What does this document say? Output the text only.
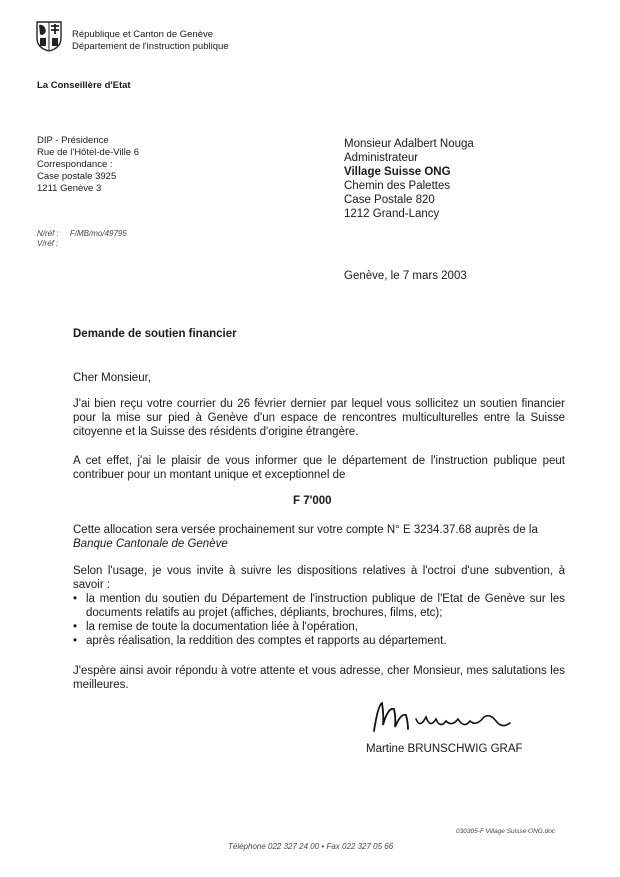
République et Canton de Genève
Département de l'instruction publique
La Conseillère d'Etat
DIP - Présidence
Rue de l'Hôtel-de-Ville 6
Correspondance :
Case postale 3925
1211 Genève 3
N/réf : F/MB/mo/49795
V/réf :
Monsieur Adalbert Nouga
Administrateur
Village Suisse ONG
Chemin des Palettes
Case Postale 820
1212 Grand-Lancy
Genève, le 7 mars 2003
Demande de soutien financier
Cher Monsieur,
J'ai bien reçu votre courrier du 26 février dernier par lequel vous sollicitez un soutien financier pour la mise sur pied à Genève d'un espace de rencontres multiculturelles entre la Suisse citoyenne et la Suisse des résidents d'origine étrangère.
A cet effet, j'ai le plaisir de vous informer que le département de l'instruction publique peut contribuer pour un montant unique et exceptionnel de
F 7'000
Cette allocation sera versée prochainement sur votre compte N° E 3234.37.68 auprès de la
Banque Cantonale de Genève
Selon l'usage, je vous invite à suivre les dispositions relatives à l'octroi d'une subvention, à savoir :
• la mention du soutien du Département de l'instruction publique de l'Etat de Genève sur les documents relatifs au projet (affiches, dépliants, brochures, films, etc);
• la remise de toute la documentation liée à l'opération,
• après réalisation, la reddition des comptes et rapports au département.
J'espère ainsi avoir répondu à votre attente et vous adresse, cher Monsieur, mes salutations les meilleures.
Martine BRUNSCHWIG GRAF
030305-F Village Suisse ONG.doc
Téléphone 022 327 24 00 • Fax 022 327 05 66
